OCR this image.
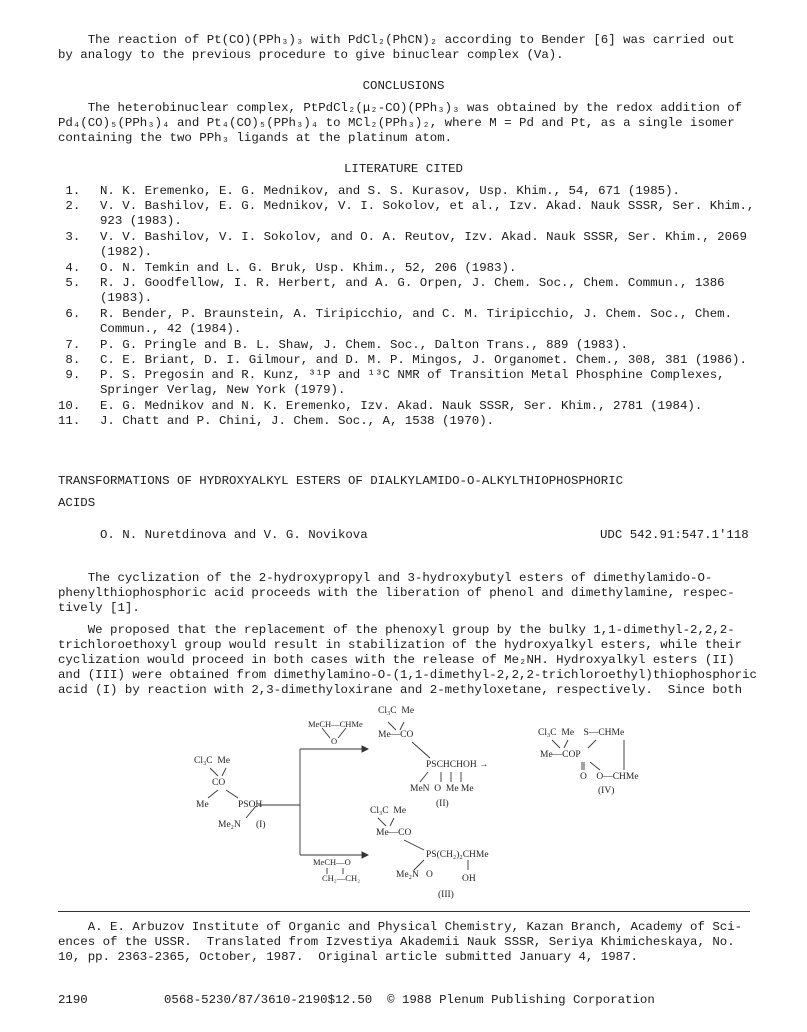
The reaction of Pt(CO)(PPh₃)₃ with PdCl₂(PhCN)₂ according to Bender [6] was carried out
by analogy to the previous procedure to give binuclear complex (Va).
CONCLUSIONS
The heterobinuclear complex, PtPdCl₂(μ₂-CO)(PPh₃)₃ was obtained by the redox addition of
Pd₄(CO)₅(PPh₃)₄ and Pt₄(CO)₅(PPh₃)₄ to MCl₂(PPh₃)₂, where M = Pd and Pt, as a single isomer
containing the two PPh₃ ligands at the platinum atom.
LITERATURE CITED
1. N. K. Eremenko, E. G. Mednikov, and S. S. Kurasov, Usp. Khim., 54, 671 (1985).
2. V. V. Bashilov, E. G. Mednikov, V. I. Sokolov, et al., Izv. Akad. Nauk SSSR, Ser. Khim.,
923 (1983).
3. V. V. Bashilov, V. I. Sokolov, and O. A. Reutov, Izv. Akad. Nauk SSSR, Ser. Khim., 2069
(1982).
4. O. N. Temkin and L. G. Bruk, Usp. Khim., 52, 206 (1983).
5. R. J. Goodfellow, I. R. Herbert, and A. G. Orpen, J. Chem. Soc., Chem. Commun., 1386
(1983).
6. R. Bender, P. Braunstein, A. Tiripicchio, and C. M. Tiripicchio, J. Chem. Soc., Chem.
Commun., 42 (1984).
7. P. G. Pringle and B. L. Shaw, J. Chem. Soc., Dalton Trans., 889 (1983).
8. C. E. Briant, D. I. Gilmour, and D. M. P. Mingos, J. Organomet. Chem., 308, 381 (1986).
9. P. S. Pregosin and R. Kunz, ³¹P and ¹³C NMR of Transition Metal Phosphine Complexes,
Springer Verlag, New York (1979).
10. E. G. Mednikov and N. K. Eremenko, Izv. Akad. Nauk SSSR, Ser. Khim., 2781 (1984).
11. J. Chatt and P. Chini, J. Chem. Soc., A, 1538 (1970).
TRANSFORMATIONS OF HYDROXYALKYL ESTERS OF DIALKYLAMIDO-O-ALKYLTHIOPHOSPHORIC
ACIDS
O. N. Nuretdinova and V. G. Novikova	UDC 542.91:547.1'118
The cyclization of the 2-hydroxypropyl and 3-hydroxybutyl esters of dimethylamido-O-
phenylthiophosphoric acid proceeds with the liberation of phenol and dimethylamine, respec-
tively [1].
We proposed that the replacement of the phenoxyl group by the bulky 1,1-dimethyl-2,2,2-
trichloroethoxyl group would result in stabilization of the hydroxyalkyl esters, while their
cyclization would proceed in both cases with the release of Me₂NH. Hydroxyalkyl esters (II)
and (III) were obtained from dimethylamino-O-(1,1-dimethyl-2,2,2-trichloroethyl)thiophosphoric
acid (I) by reaction with 2,3-dimethyloxirane and 2-methyloxetane, respectively.  Since both
Cl₃C  Me
CO
Me	PSOH
Me₂N (I)
MeCH—CHMe
O
MeCH—O
CH₂—CH₂
Cl₃C  Me
Me—CO
PSCHCHOH →
MeN  O  Me Me
(II)
Cl₃C  Me    S—CHMe
Me—COP
O    O—CHMe
(IV)
Cl₃C  Me
Me—CO
PS(CH₂)₂CHMe
Me₂N   O	OH
(III)
A. E. Arbuzov Institute of Organic and Physical Chemistry, Kazan Branch, Academy of Sci-
ences of the USSR.  Translated from Izvestiya Akademii Nauk SSSR, Seriya Khimicheskaya, No.
10, pp. 2363-2365, October, 1987.  Original article submitted January 4, 1987.
2190	0568-5230/87/3610-2190$12.50  © 1988 Plenum Publishing Corporation
